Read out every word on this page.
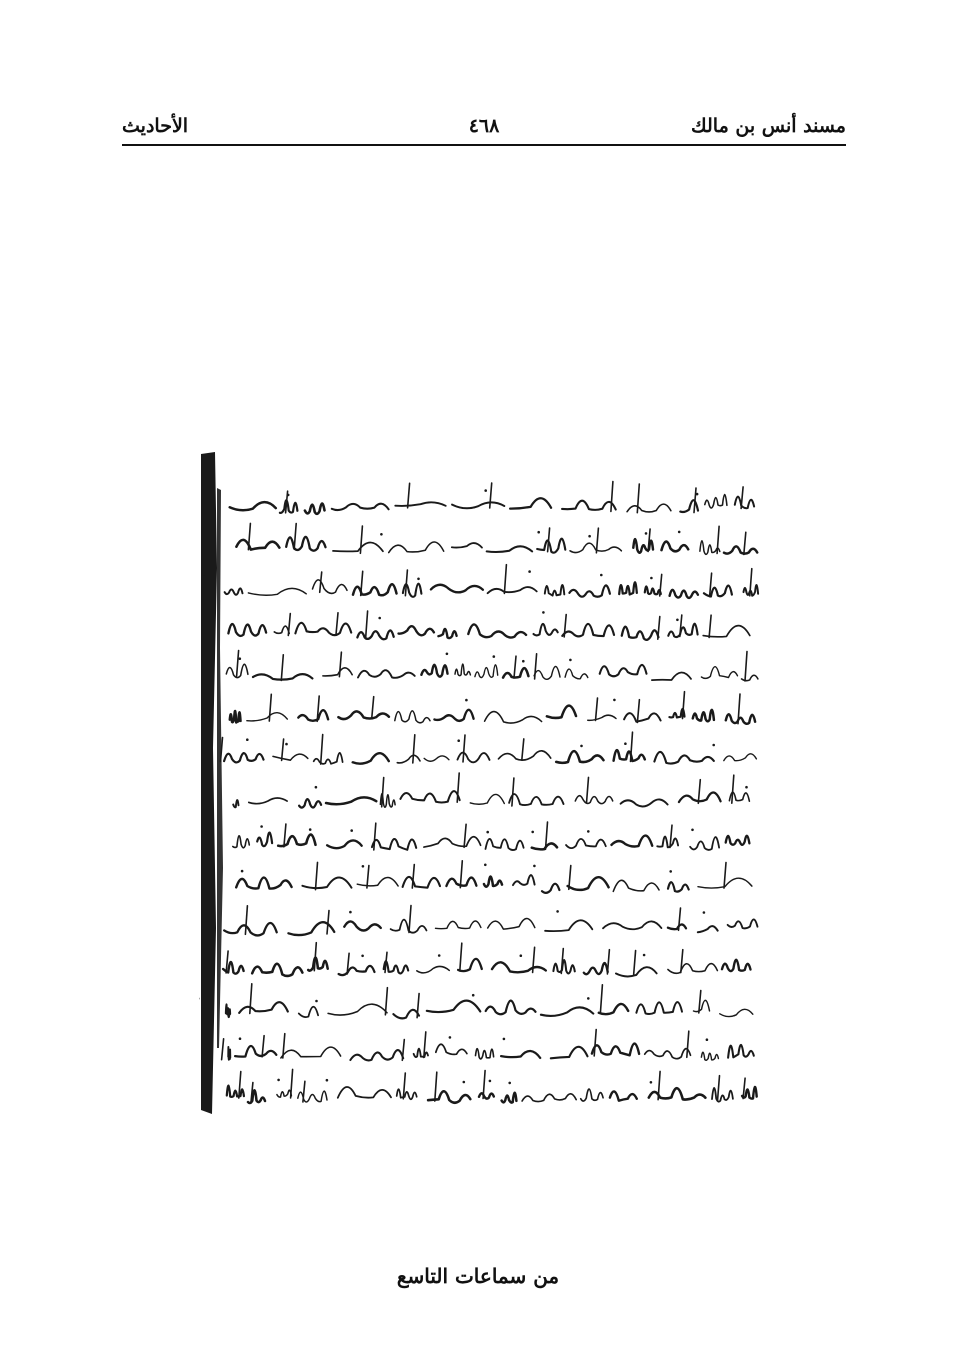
مسند أنس بن مالك
٤٦٨
الأحاديث
من سماعات التاسع
